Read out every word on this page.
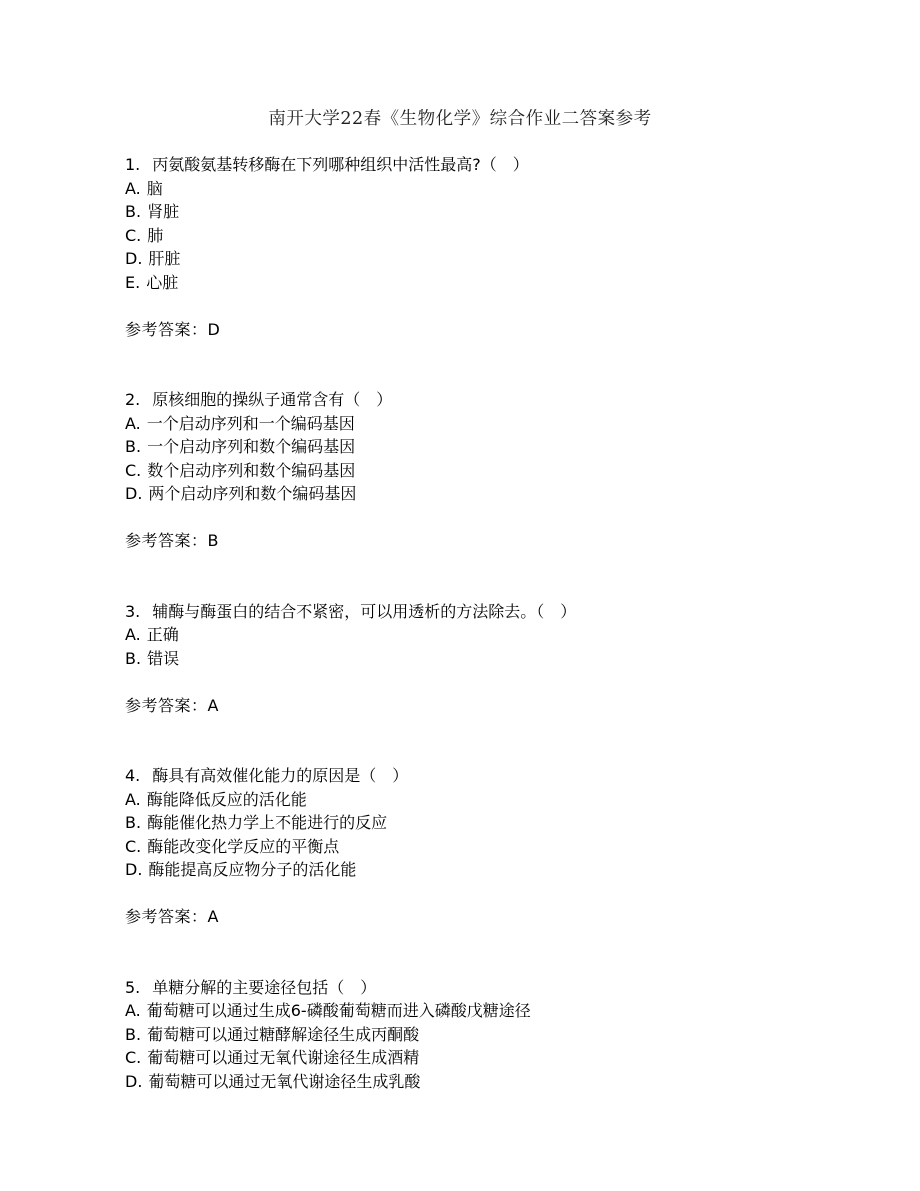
南开大学22春《生物化学》综合作业二答案参考
1. 丙氨酸氨基转移酶在下列哪种组织中活性最高?（　）
A. 脑
B. 肾脏
C. 肺
D. 肝脏
E. 心脏
参考答案：D
2. 原核细胞的操纵子通常含有（　）
A. 一个启动序列和一个编码基因
B. 一个启动序列和数个编码基因
C. 数个启动序列和数个编码基因
D. 两个启动序列和数个编码基因
参考答案：B
3. 辅酶与酶蛋白的结合不紧密，可以用透析的方法除去。（　）
A. 正确
B. 错误
参考答案：A
4. 酶具有高效催化能力的原因是（　）
A. 酶能降低反应的活化能
B. 酶能催化热力学上不能进行的反应
C. 酶能改变化学反应的平衡点
D. 酶能提高反应物分子的活化能
参考答案：A
5. 单糖分解的主要途径包括（　）
A. 葡萄糖可以通过生成6-磷酸葡萄糖而进入磷酸戊糖途径
B. 葡萄糖可以通过糖酵解途径生成丙酮酸
C. 葡萄糖可以通过无氧代谢途径生成酒精
D. 葡萄糖可以通过无氧代谢途径生成乳酸
